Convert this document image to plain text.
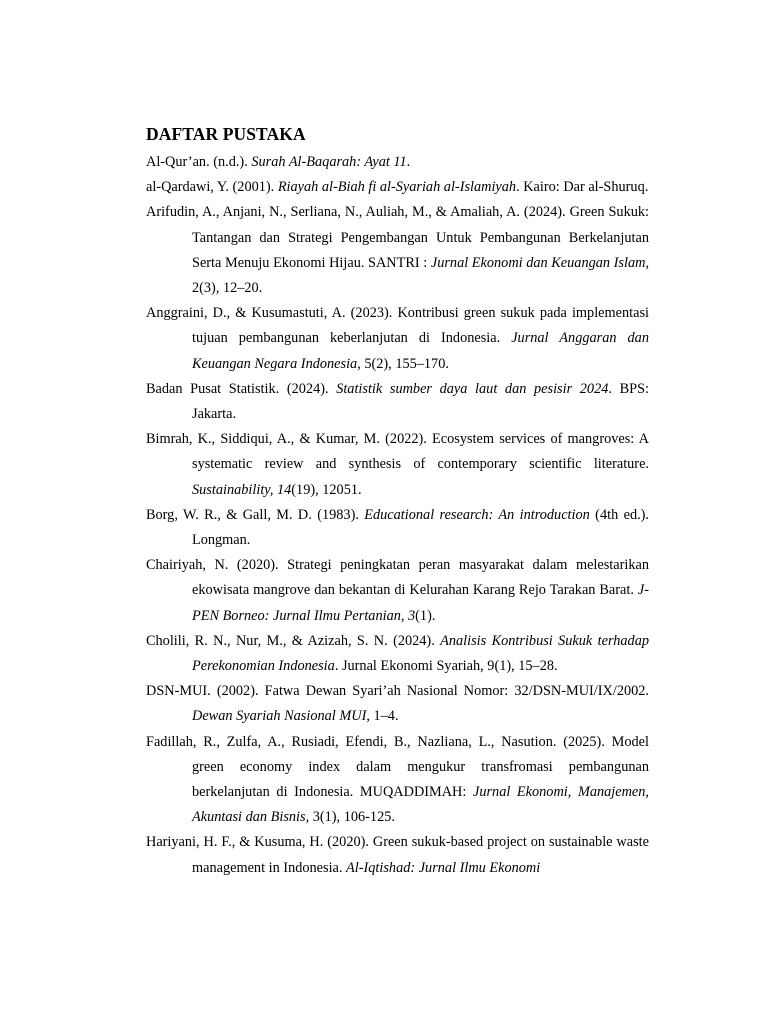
DAFTAR PUSTAKA
Al-Qur’an. (n.d.). Surah Al-Baqarah: Ayat 11.
al-Qardawi, Y. (2001). Riayah al-Biah fi al-Syariah al-Islamiyah. Kairo: Dar al-Shuruq.
Arifudin, A., Anjani, N., Serliana, N., Auliah, M., & Amaliah, A. (2024). Green Sukuk: Tantangan dan Strategi Pengembangan Untuk Pembangunan Berkelanjutan Serta Menuju Ekonomi Hijau. SANTRI : Jurnal Ekonomi dan Keuangan Islam, 2(3), 12–20.
Anggraini, D., & Kusumastuti, A. (2023). Kontribusi green sukuk pada implementasi tujuan pembangunan keberlanjutan di Indonesia. Jurnal Anggaran dan Keuangan Negara Indonesia, 5(2), 155–170.
Badan Pusat Statistik. (2024). Statistik sumber daya laut dan pesisir 2024. BPS: Jakarta.
Bimrah, K., Siddiqui, A., & Kumar, M. (2022). Ecosystem services of mangroves: A systematic review and synthesis of contemporary scientific literature. Sustainability, 14(19), 12051.
Borg, W. R., & Gall, M. D. (1983). Educational research: An introduction (4th ed.). Longman.
Chairiyah, N. (2020). Strategi peningkatan peran masyarakat dalam melestarikan ekowisata mangrove dan bekantan di Kelurahan Karang Rejo Tarakan Barat. J-PEN Borneo: Jurnal Ilmu Pertanian, 3(1).
Cholili, R. N., Nur, M., & Azizah, S. N. (2024). Analisis Kontribusi Sukuk terhadap Perekonomian Indonesia. Jurnal Ekonomi Syariah, 9(1), 15–28.
DSN-MUI. (2002). Fatwa Dewan Syari’ah Nasional Nomor: 32/DSN-MUI/IX/2002. Dewan Syariah Nasional MUI, 1–4.
Fadillah, R., Zulfa, A., Rusiadi, Efendi, B., Nazliana, L., Nasution. (2025). Model green economy index dalam mengukur transfromasi pembangunan berkelanjutan di Indonesia. MUQADDIMAH: Jurnal Ekonomi, Manajemen, Akuntasi dan Bisnis, 3(1), 106-125.
Hariyani, H. F., & Kusuma, H. (2020). Green sukuk-based project on sustainable waste management in Indonesia. Al-Iqtishad: Jurnal Ilmu Ekonomi
